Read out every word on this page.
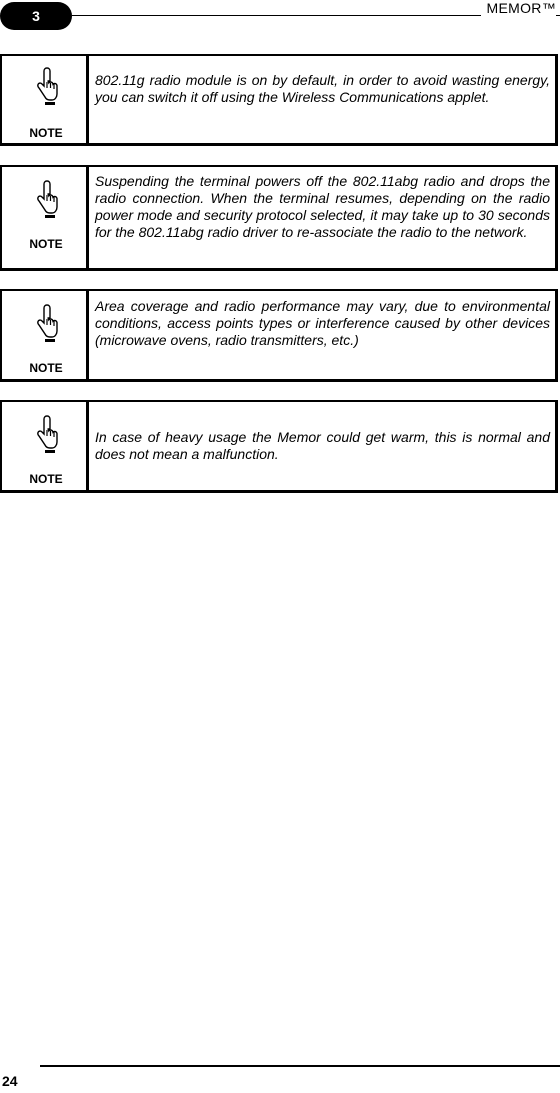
3	MEMOR™
NOTE
802.11g radio module is on by default, in order to avoid wasting energy, you can switch it off using the Wireless Communications applet.
NOTE
Suspending the terminal powers off the 802.11abg radio and drops the radio connection. When the terminal resumes, depending on the radio power mode and security protocol selected, it may take up to 30 seconds for the 802.11abg radio driver to re-associate the radio to the network.
NOTE
Area coverage and radio performance may vary, due to environmental conditions, access points types or interference caused by other devices (microwave ovens, radio transmitters, etc.)
NOTE
In case of heavy usage the Memor could get warm, this is normal and does not mean a malfunction.
24
